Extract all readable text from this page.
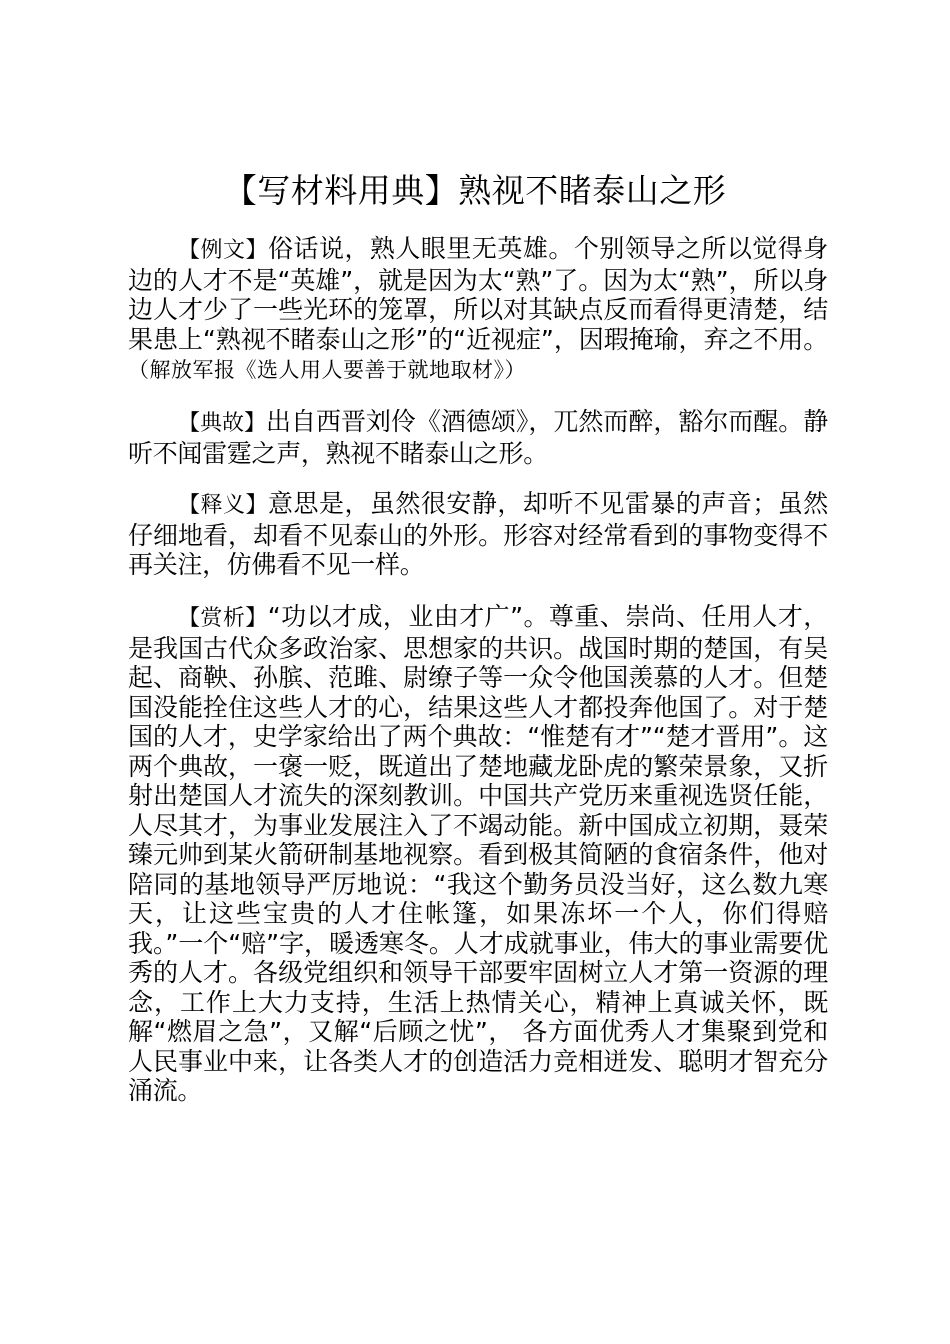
【写材料用典】熟视不睹泰山之形

【例文】俗话说，熟人眼里无英雄。个别领导之所以觉得身边的人才不是“英雄”，就是因为太“熟”了。因为太“熟”，所以身边人才少了一些光环的笼罩，所以对其缺点反而看得更清楚，结果患上“熟视不睹泰山之形”的“近视症”，因瑕掩瑜，弃之不用。（解放军报《选人用人要善于就地取材》）

【典故】出自西晋刘伶《酒德颂》，兀然而醉，豁尔而醒。静听不闻雷霆之声，熟视不睹泰山之形。

【释义】意思是，虽然很安静，却听不见雷暴的声音；虽然仔细地看，却看不见泰山的外形。形容对经常看到的事物变得不再关注，仿佛看不见一样。

【赏析】“功以才成，业由才广”。尊重、崇尚、任用人才，是我国古代众多政治家、思想家的共识。战国时期的楚国，有吴起、商鞅、孙膑、范雎、尉缭子等一众令他国羡慕的人才。但楚国没能拴住这些人才的心，结果这些人才都投奔他国了。对于楚国的人才，史学家给出了两个典故：“惟楚有才”“楚才晋用”。这两个典故，一褒一贬，既道出了楚地藏龙卧虎的繁荣景象，又折射出楚国人才流失的深刻教训。中国共产党历来重视选贤任能，人尽其才，为事业发展注入了不竭动能。新中国成立初期，聂荣臻元帅到某火箭研制基地视察。看到极其简陋的食宿条件，他对陪同的基地领导严厉地说：“我这个勤务员没当好，这么数九寒天，让这些宝贵的人才住帐篷，如果冻坏一个人，你们得赔我。”一个“赔”字，暖透寒冬。人才成就事业，伟大的事业需要优秀的人才。各级党组织和领导干部要牢固树立人才第一资源的理念，工作上大力支持，生活上热情关心，精神上真诚关怀，既解“燃眉之急”，又解“后顾之忧”， 各方面优秀人才集聚到党和人民事业中来，让各类人才的创造活力竞相迸发、聪明才智充分涌流。
